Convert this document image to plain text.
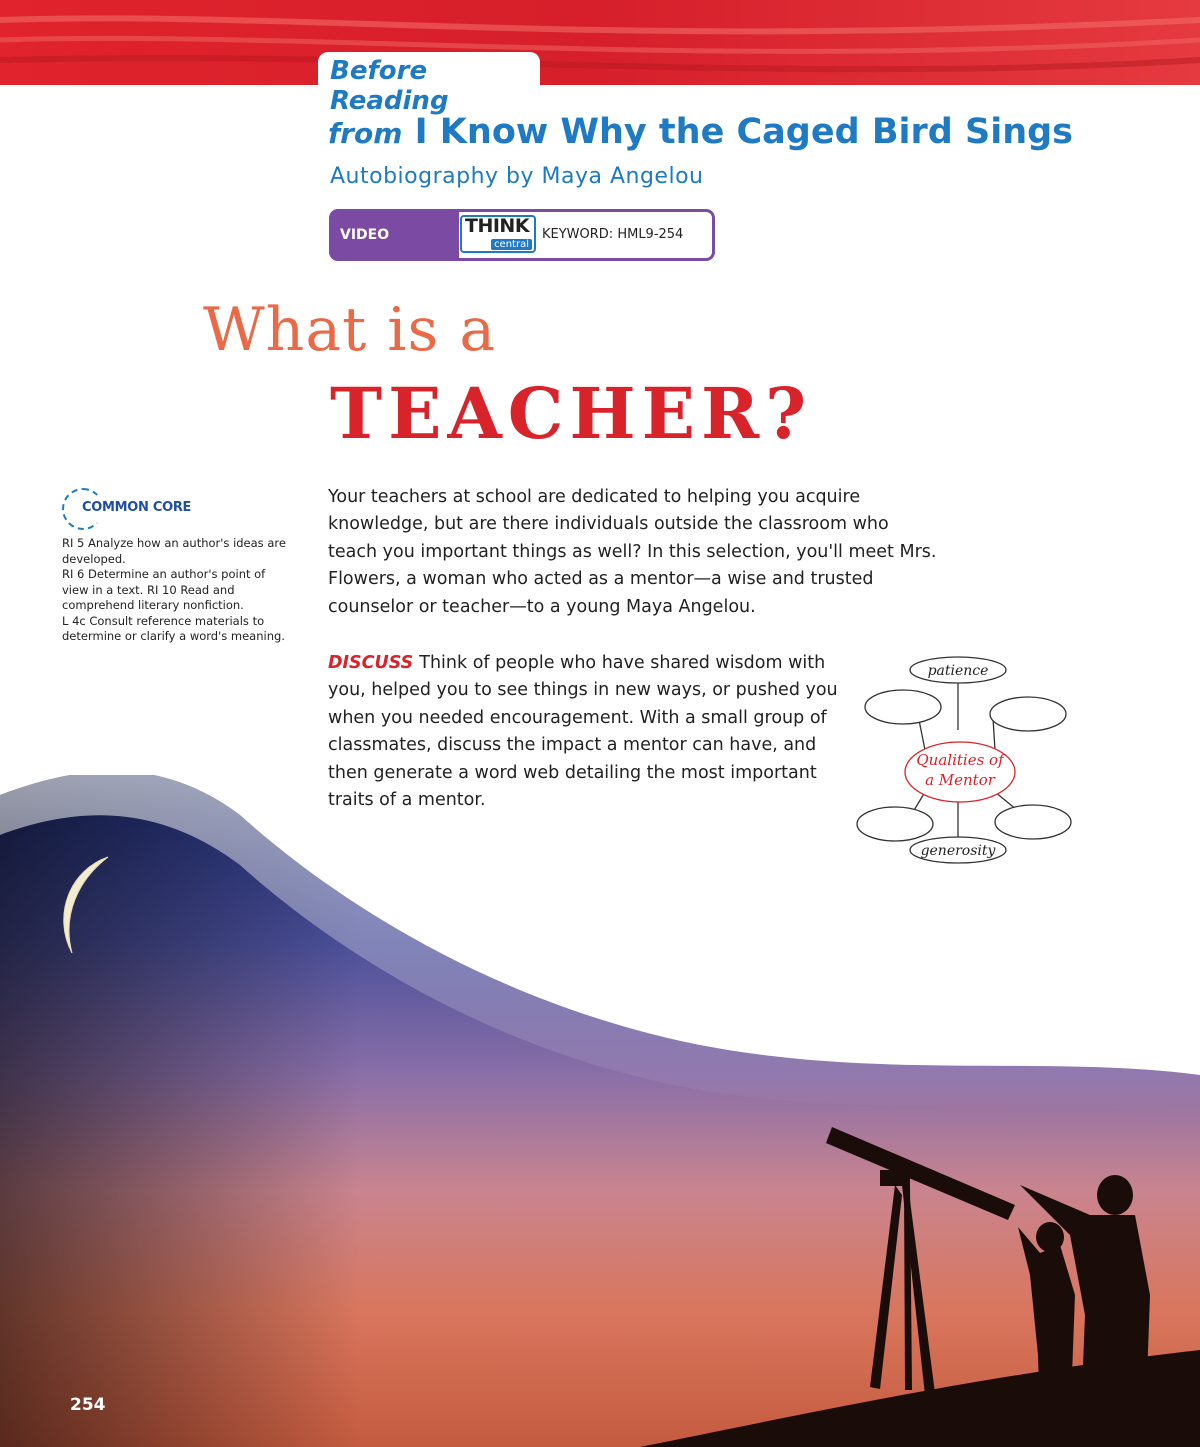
Before Reading
from I Know Why the Caged Bird Sings
Autobiography by Maya Angelou
VIDEO TRAILER
THINK
central
KEYWORD: HML9-254
What is a
TEACHER?
COMMON CORE
RI 5 Analyze how an author's ideas are developed.
RI 6 Determine an author's point of view in a text. RI 10 Read and comprehend literary nonfiction.
L 4c Consult reference materials to determine or clarify a word's meaning.

Your teachers at school are dedicated to helping you acquire knowledge, but are there individuals outside the classroom who teach you important things as well? In this selection, you'll meet Mrs. Flowers, a woman who acted as a mentor—a wise and trusted counselor or teacher—to a young Maya Angelou.

DISCUSS Think of people who have shared wisdom with you, helped you to see things in new ways, or pushed you when you needed encouragement. With a small group of classmates, discuss the impact a mentor can have, and then generate a word web detailing the most important traits of a mentor.

patience
Qualities of
a Mentor
generosity
254
